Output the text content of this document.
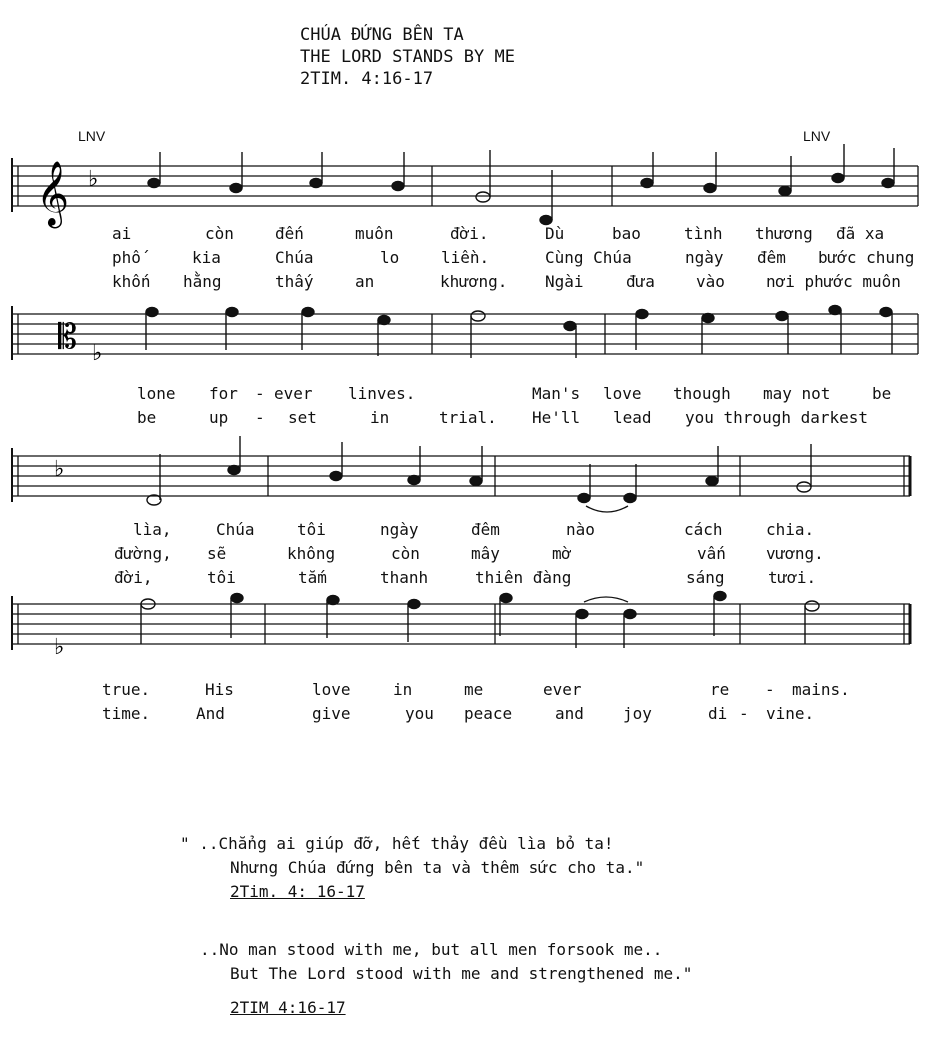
CHÚA ĐỨNG BÊN TA
THE LORD STANDS BY ME
2TIM. 4:16-17
LNV	LNV
𝄞 ♭
ai	còn	đến	muôn	đời.	Dù	bao	tình thương đã xa
phố	kia	Chúa	lo	liền.	Cùng Chúa	ngày đêm bước chung
khốn hằng	thấy	an	khương. Ngài	đưa	vào	nơi phước muôn
𝄡 ♭
lone for - ever linves.	Man's love though may not	be
be	up - set	in	trial. He'll lead you through darkest
♭
lìa,	Chúa	tôi	ngày	đêm	nào	cách	chia.
đường, sẽ	không	còn	mây	mờ	vấn	vương.
đời,	tôi	tắm	thanh	thiên đàng	sáng	tươi.
♭
true.	His	love	in	me	ever	re - mains.
time.	And	give	you peace	and joy	di - vine.
" ..Chẳng ai giúp đỡ, hết thảy đều lìa bỏ ta!
Nhưng Chúa đứng bên ta và thêm sức cho ta."
2Tim. 4: 16-17
..No man stood with me, but all men forsook me..
But The Lord stood with me and strengthened me."
2TIM 4:16-17
